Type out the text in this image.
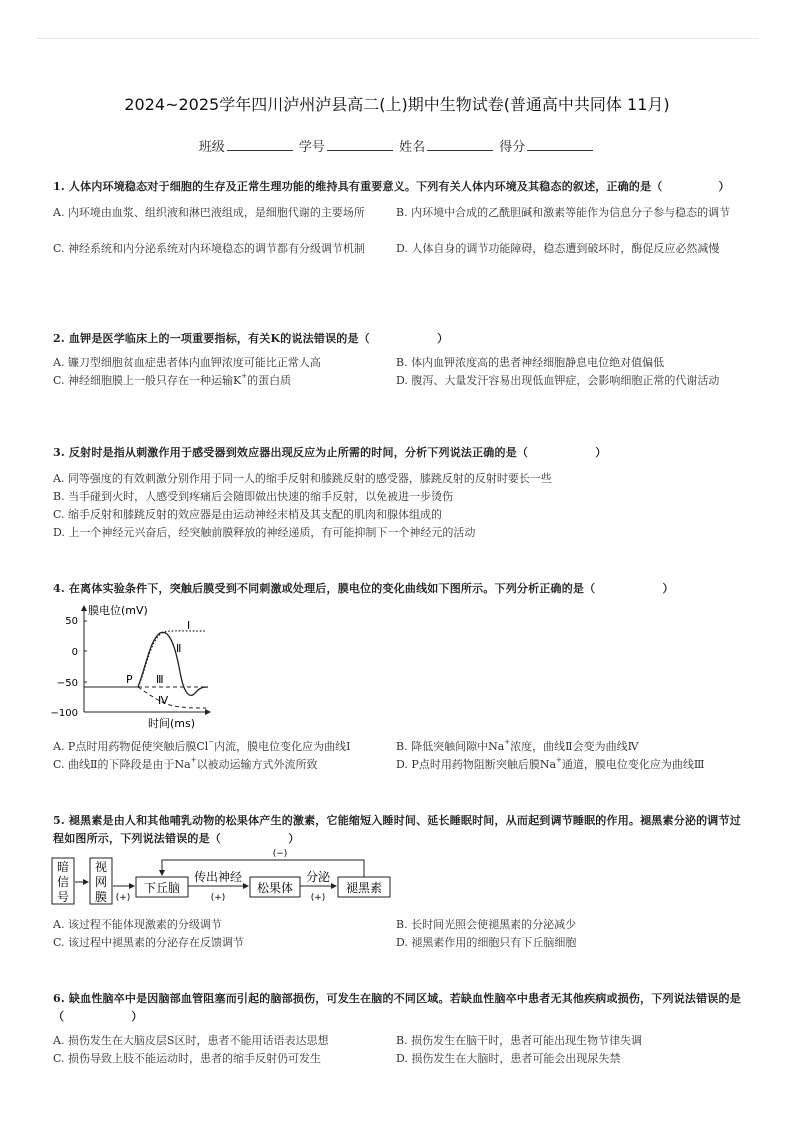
2024~2025学年四川泸州泸县高二(上)期中生物试卷(普通高中共同体 11月)
班级	学号	姓名	得分
1. 人体内环境稳态对于细胞的生存及正常生理功能的维持具有重要意义。下列有关人体内环境及其稳态的叙述，正确的是（　　　　　）
A. 内环境由血浆、组织液和淋巴液组成，是细胞代谢的主要场所	B. 内环境中合成的乙酰胆碱和激素等能作为信息分子参与稳态的调节
C. 神经系统和内分泌系统对内环境稳态的调节都有分级调节机制	D. 人体自身的调节功能障碍，稳态遭到破坏时，酶促反应必然减慢
2. 血钾是医学临床上的一项重要指标，有关K的说法错误的是（　　　　　　）
A. 镰刀型细胞贫血症患者体内血钾浓度可能比正常人高	B. 体内血钾浓度高的患者神经细胞静息电位绝对值偏低
C. 神经细胞膜上一般只存在一种运输K+的蛋白质	D. 腹泻、大量发汗容易出现低血钾症，会影响细胞正常的代谢活动
3. 反射时是指从刺激作用于感受器到效应器出现反应为止所需的时间，分析下列说法正确的是（　　　　　　）
A. 同等强度的有效刺激分别作用于同一人的缩手反射和膝跳反射的感受器，膝跳反射的反射时要长一些
B. 当手碰到火时，人感受到疼痛后会随即做出快速的缩手反射，以免被进一步烫伤
C. 缩手反射和膝跳反射的效应器是由运动神经末梢及其支配的肌肉和腺体组成的
D. 上一个神经元兴奋后，经突触前膜释放的神经递质，有可能抑制下一个神经元的活动
4. 在离体实验条件下，突触后膜受到不同刺激或处理后，膜电位的变化曲线如下图所示。下列分析正确的是（　　　　　　）
膜电位(mV)
时间(ms)
50
0
−50
−100
P
Ⅰ
Ⅱ
Ⅲ
Ⅳ
A. P点时用药物促使突触后膜Cl−内流，膜电位变化应为曲线Ⅰ	B. 降低突触间隙中Na+浓度，曲线Ⅱ会变为曲线Ⅳ
C. 曲线Ⅱ的下降段是由于Na+以被动运输方式外流所致	D. P点时用药物阻断突触后膜Na+通道，膜电位变化应为曲线Ⅲ
5. 褪黑素是由人和其他哺乳动物的松果体产生的激素，它能缩短入睡时间、延长睡眠时间，从而起到调节睡眠的作用。褪黑素分泌的调节过程如图所示，下列说法错误的是（　　　　　　）
暗
信
号
视
网
膜 (+)
下丘脑
传出神经
(+)
松果体
分泌
(+)
褪黑素
(−)
A. 该过程不能体现激素的分级调节	B. 长时间光照会使褪黑素的分泌减少
C. 该过程中褪黑素的分泌存在反馈调节	D. 褪黑素作用的细胞只有下丘脑细胞
6. 缺血性脑卒中是因脑部血管阻塞而引起的脑部损伤，可发生在脑的不同区域。若缺血性脑卒中患者无其他疾病或损伤，下列说法错误的是（　　　　　　）
A. 损伤发生在大脑皮层S区时，患者不能用话语表达思想	B. 损伤发生在脑干时，患者可能出现生物节律失调
C. 损伤导致上肢不能运动时，患者的缩手反射仍可发生	D. 损伤发生在大脑时，患者可能会出现尿失禁
